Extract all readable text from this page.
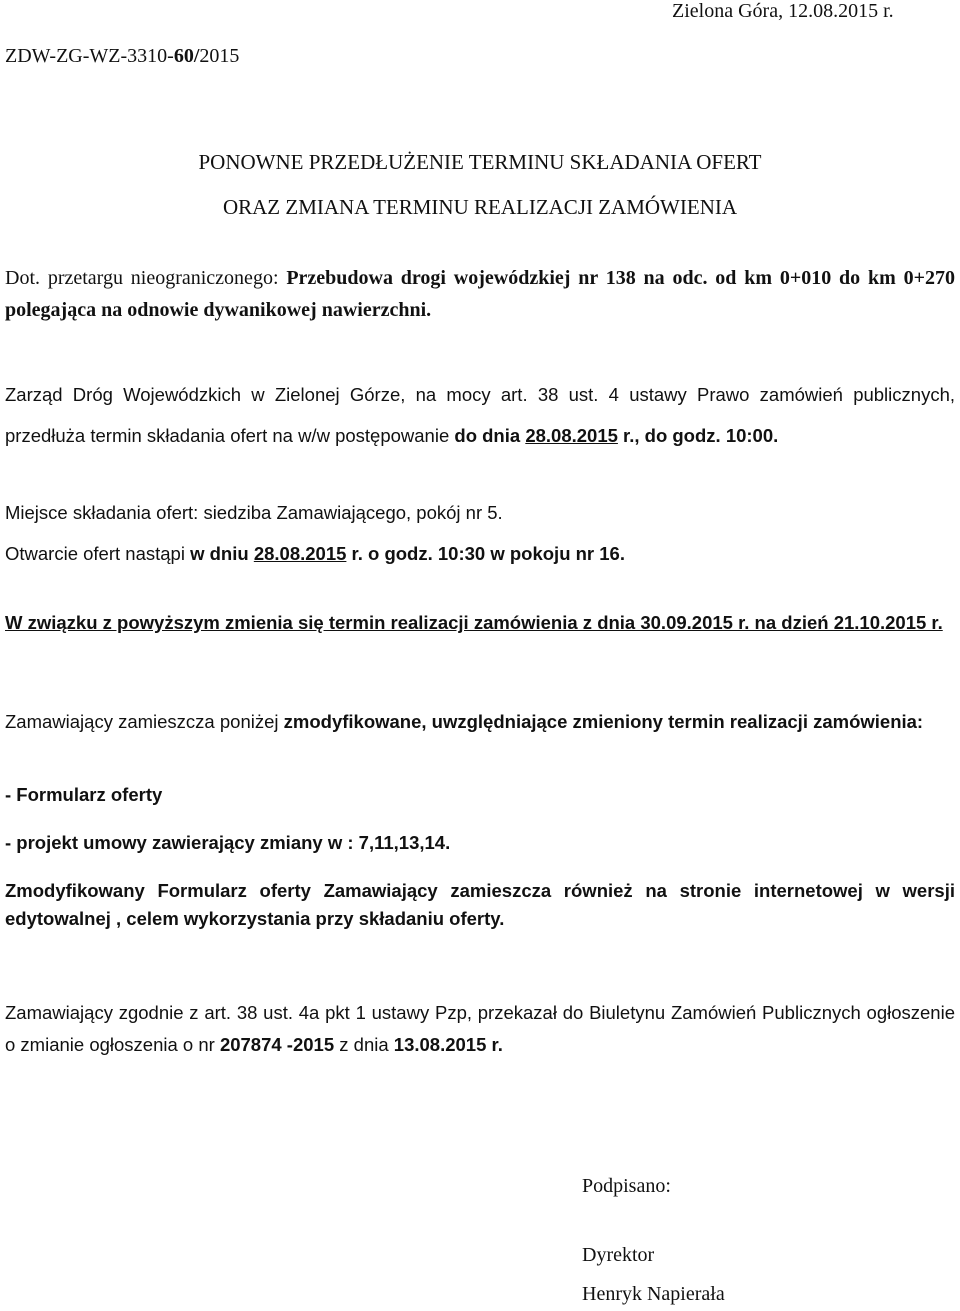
Zielona Góra, 12.08.2015 r.
ZDW-ZG-WZ-3310-60/2015
PONOWNE PRZEDŁUŻENIE TERMINU SKŁADANIA OFERT
ORAZ ZMIANA TERMINU REALIZACJI ZAMÓWIENIA
Dot. przetargu nieograniczonego: Przebudowa drogi wojewódzkiej nr 138 na odc. od km 0+010 do km 0+270 polegająca na odnowie dywanikowej nawierzchni.
Zarząd Dróg Wojewódzkich w Zielonej Górze, na mocy art. 38 ust. 4 ustawy Prawo zamówień publicznych, przedłuża termin składania ofert na w/w postępowanie do dnia 28.08.2015 r., do godz. 10:00.
Miejsce składania ofert: siedziba Zamawiającego, pokój nr 5.
Otwarcie ofert nastąpi w dniu 28.08.2015 r. o godz. 10:30 w pokoju nr 16.
W związku z powyższym zmienia się termin realizacji zamówienia z dnia 30.09.2015 r. na dzień 21.10.2015 r.
Zamawiający zamieszcza poniżej zmodyfikowane, uwzględniające zmieniony termin realizacji zamówienia:
- Formularz oferty
- projekt umowy zawierający zmiany w : 7,11,13,14.
Zmodyfikowany Formularz oferty Zamawiający zamieszcza również na stronie internetowej w wersji edytowalnej , celem wykorzystania przy składaniu oferty.
Zamawiający zgodnie z art. 38 ust. 4a pkt 1 ustawy Pzp, przekazał do Biuletynu Zamówień Publicznych ogłoszenie o zmianie ogłoszenia o nr 207874 -2015 z dnia 13.08.2015 r.
Podpisano:
Dyrektor
Henryk Napierała
